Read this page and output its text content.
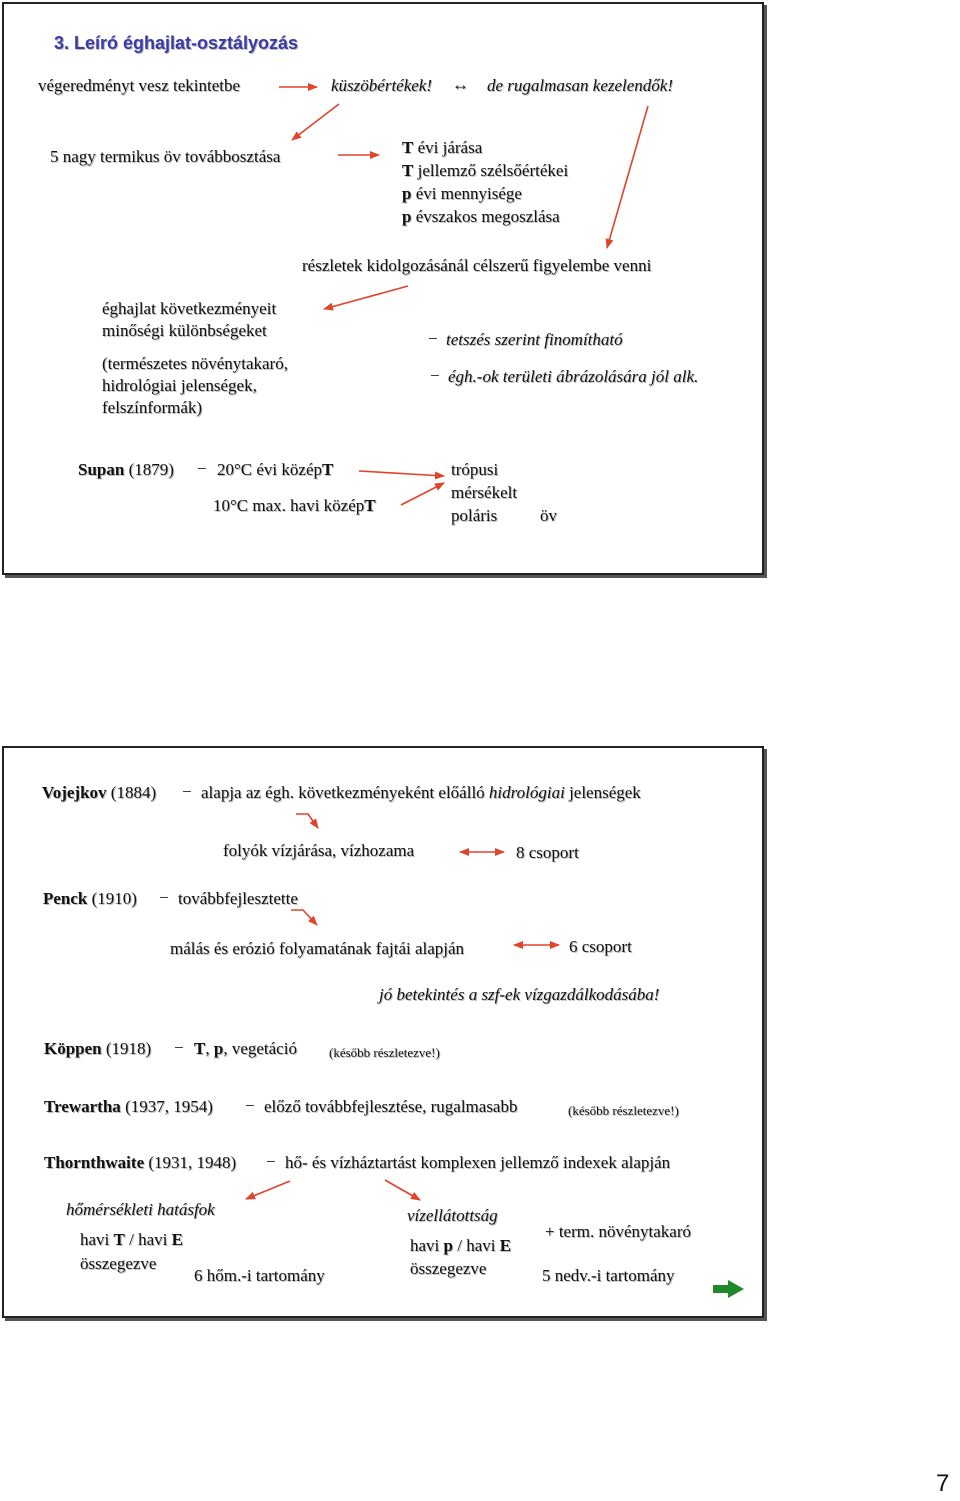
3. Leíró éghajlat-osztályozás
végeredményt vesz tekintetbe	küszöbértékek! ↔ de rugalmasan kezelendők!
5 nagy termikus öv továbbosztása	T évi járása
T jellemző szélsőértékei
p évi mennyisége
p évszakos megoszlása
részletek kidolgozásánál célszerű figyelembe venni
éghajlat következményeit
minőségi különbségeket
(természetes növénytakaró,
hidrológiai jelenségek,
felszínformák)
− tetszés szerint finomítható
− égh.-ok területi ábrázolására jól alk.
Supan (1879) − 20°C évi középT
10°C max. havi középT
trópusi
mérsékelt
poláris	öv
Vojejkov (1884) − alapja az égh. következményeként előálló hidrológiai jelenségek
folyók vízjárása, vízhozama	8 csoport
Penck (1910) − továbbfejlesztette
málás és erózió folyamatának fajtái alapján	6 csoport
jó betekintés a szf-ek vízgazdálkodásába!
Köppen (1918) − T, p, vegetáció (később részletezve!)
Trewartha (1937, 1954) − előző továbbfejlesztése, rugalmasabb	(később részletezve!)
Thornthwaite (1931, 1948) − hő- és vízháztartást komplexen jellemző indexek alapján
hőmérsékleti hatásfok
havi T / havi E
összegezve
6 hőm.-i tartomány
vízellátottság
havi p / havi E
összegezve
+ term. növénytakaró
5 nedv.-i tartomány
7
